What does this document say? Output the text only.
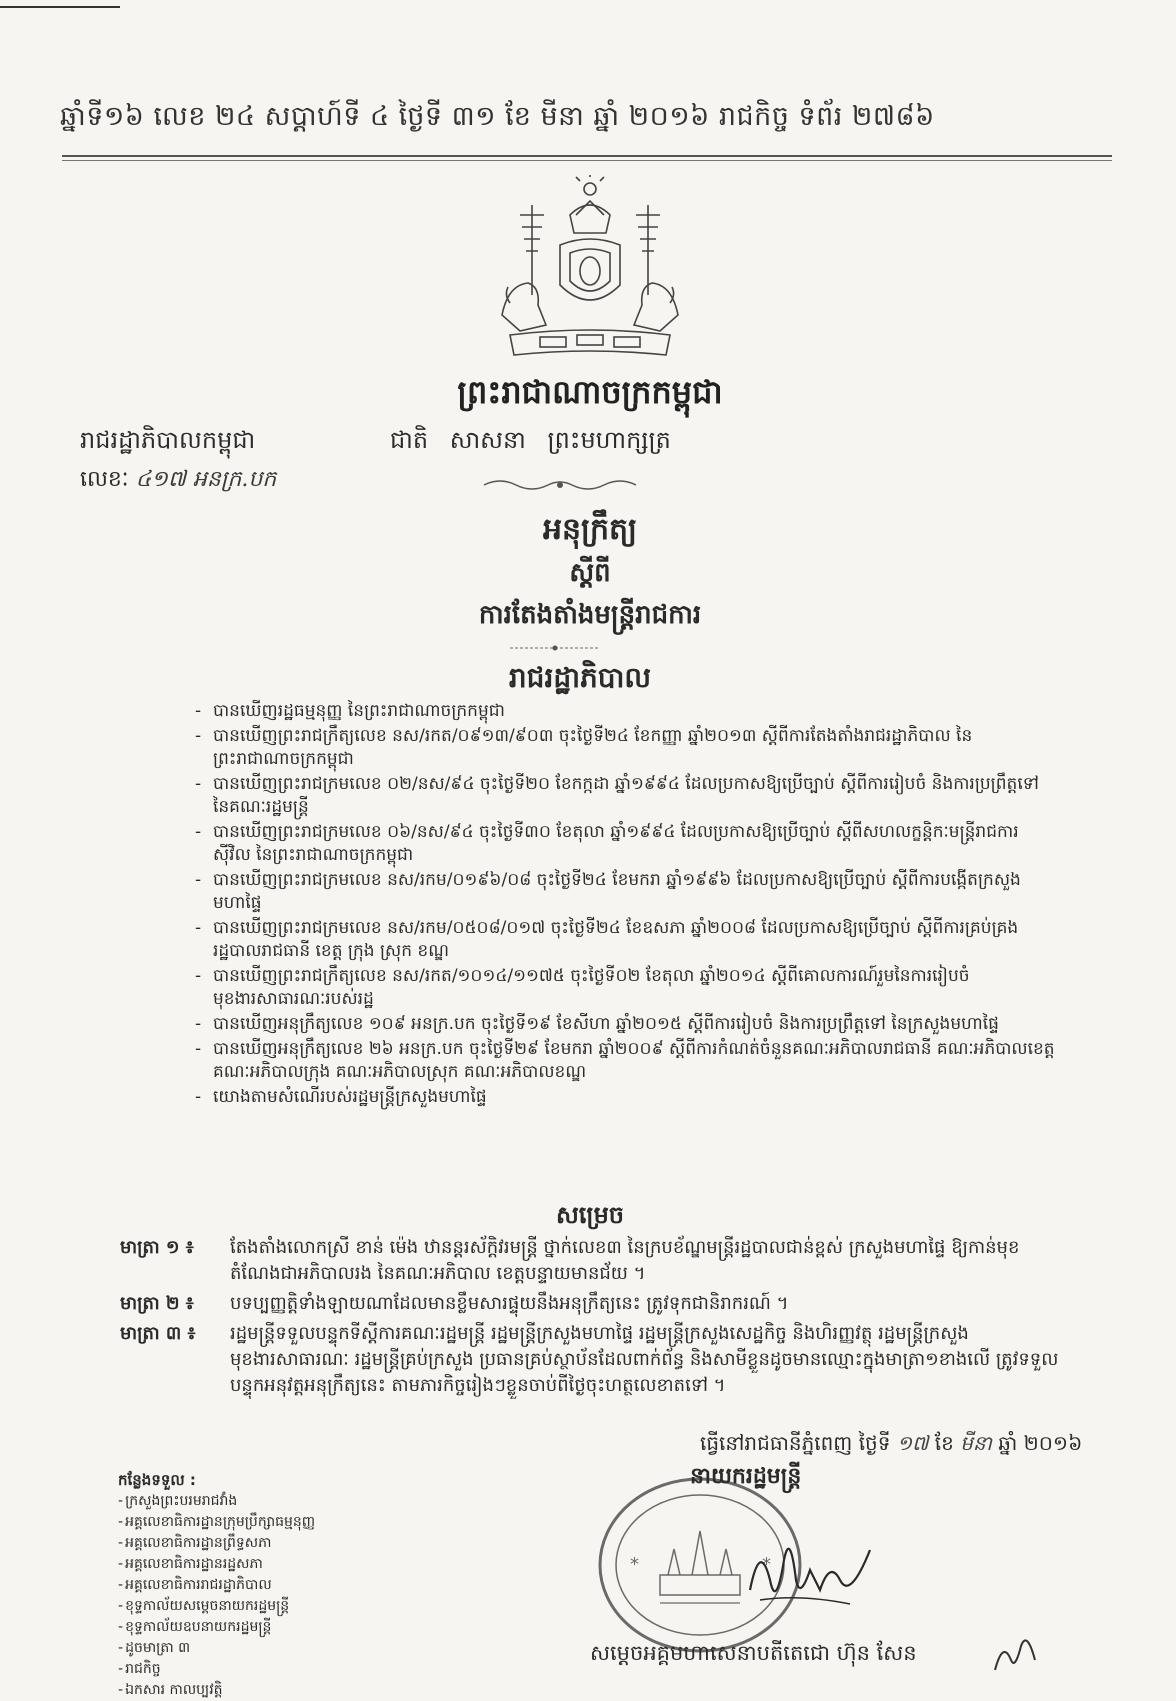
ឆ្នាំទី១៦ លេខ ២៤ សប្តាហ៍ទី ៤ ថ្ងៃទី ៣១ ខែ មីនា ឆ្នាំ ២០១៦ រាជកិច្ច ទំព័រ ២៧៨៦
ព្រះរាជាណាចក្រកម្ពុជា
រាជរដ្ឋាភិបាលកម្ពុជា	ជាតិ សាសនា ព្រះមហាក្សត្រ
លេខៈ ៤១៧ អនក្រ.បក
អនុក្រឹត្យ
ស្តីពី
ការតែងតាំងមន្ត្រីរាជការ
រាជរដ្ឋាភិបាល
- បានឃើញរដ្ឋធម្មនុញ្ញ នៃព្រះរាជាណាចក្រកម្ពុជា
- បានឃើញព្រះរាជក្រឹត្យលេខ នស/រកត/០៩១៣/៩០៣ ចុះថ្ងៃទី២៤ ខែកញ្ញា ឆ្នាំ២០១៣ ស្តីពីការតែងតាំងរាជរដ្ឋាភិបាល នៃព្រះរាជាណាចក្រកម្ពុជា
- បានឃើញព្រះរាជក្រមលេខ ០២/នស/៩៤ ចុះថ្ងៃទី២០ ខែកក្កដា ឆ្នាំ១៩៩៤ ដែលប្រកាសឱ្យប្រើច្បាប់ ស្តីពីការរៀបចំ និងការប្រព្រឹត្តទៅ នៃគណៈរដ្ឋមន្ត្រី
- បានឃើញព្រះរាជក្រមលេខ ០៦/នស/៩៤ ចុះថ្ងៃទី៣០ ខែតុលា ឆ្នាំ១៩៩៤ ដែលប្រកាសឱ្យប្រើច្បាប់ ស្តីពីសហលក្ខន្តិកៈមន្ត្រីរាជការស៊ីវិល នៃព្រះរាជាណាចក្រកម្ពុជា
- បានឃើញព្រះរាជក្រមលេខ នស/រកម/០១៩៦/០៨ ចុះថ្ងៃទី២៤ ខែមករា ឆ្នាំ១៩៩៦ ដែលប្រកាសឱ្យប្រើច្បាប់ ស្តីពីការបង្កើតក្រសួងមហាផ្ទៃ
- បានឃើញព្រះរាជក្រមលេខ នស/រកម/០៥០៨/០១៧ ចុះថ្ងៃទី២៤ ខែឧសភា ឆ្នាំ២០០៨ ដែលប្រកាសឱ្យប្រើច្បាប់ ស្តីពីការគ្រប់គ្រងរដ្ឋបាលរាជធានី ខេត្ត ក្រុង ស្រុក ខណ្ឌ
- បានឃើញព្រះរាជក្រឹត្យលេខ នស/រកត/១០១៤/១១៧៥ ចុះថ្ងៃទី០២ ខែតុលា ឆ្នាំ២០១៤ ស្តីពីគោលការណ៍រួមនៃការរៀបចំមុខងារសាធារណៈរបស់រដ្ឋ
- បានឃើញអនុក្រឹត្យលេខ ១០៩ អនក្រ.បក ចុះថ្ងៃទី១៩ ខែសីហា ឆ្នាំ២០១៥ ស្តីពីការរៀបចំ និងការប្រព្រឹត្តទៅ នៃក្រសួងមហាផ្ទៃ
- បានឃើញអនុក្រឹត្យលេខ ២៦ អនក្រ.បក ចុះថ្ងៃទី២៩ ខែមករា ឆ្នាំ២០០៩ ស្តីពីការកំណត់ចំនួនគណៈអភិបាលរាជធានី គណៈអភិបាលខេត្ត គណៈអភិបាលក្រុង គណៈអភិបាលស្រុក គណៈអភិបាលខណ្ឌ
- យោងតាមសំណើរបស់រដ្ឋមន្ត្រីក្រសួងមហាផ្ទៃ
សម្រេច
មាត្រា ១ ៖	តែងតាំងលោកស្រី ខាន់ ម៉េង ឋានន្តរស័ក្តិវរមន្ត្រី ថ្នាក់លេខ៣ នៃក្របខ័ណ្ឌមន្ត្រីរដ្ឋបាលជាន់ខ្ពស់ ក្រសួងមហាផ្ទៃ ឱ្យកាន់មុខតំណែងជាអភិបាលរង នៃគណៈអភិបាល ខេត្តបន្ទាយមានជ័យ ។
មាត្រា ២ ៖	បទប្បញ្ញត្តិទាំងឡាយណាដែលមានខ្លឹមសារផ្ទុយនឹងអនុក្រឹត្យនេះ ត្រូវទុកជានិរាករណ៍ ។
មាត្រា ៣ ៖	រដ្ឋមន្ត្រីទទួលបន្ទុកទីស្តីការគណៈរដ្ឋមន្ត្រី រដ្ឋមន្ត្រីក្រសួងមហាផ្ទៃ រដ្ឋមន្ត្រីក្រសួងសេដ្ឋកិច្ច និងហិរញ្ញវត្ថុ រដ្ឋមន្ត្រីក្រសួងមុខងារសាធារណៈ រដ្ឋមន្ត្រីគ្រប់ក្រសួង ប្រធានគ្រប់ស្ថាប័នដែលពាក់ព័ន្ធ និងសាមីខ្លួនដូចមានឈ្មោះក្នុងមាត្រា១ខាងលើ ត្រូវទទួលបន្ទុកអនុវត្តអនុក្រឹត្យនេះ តាមភារកិច្ចរៀងៗខ្លួនចាប់ពីថ្ងៃចុះហត្ថលេខាតទៅ ។
ធ្វើនៅរាជធានីភ្នំពេញ ថ្ងៃទី ១៧ ខែ មីនា ឆ្នាំ ២០១៦
*	*
នាយករដ្ឋមន្ត្រី
កន្លែងទទួល :
- ក្រសួងព្រះបរមរាជវាំង
- អគ្គលេខាធិការដ្ឋានក្រុមប្រឹក្សាធម្មនុញ្ញ
- អគ្គលេខាធិការដ្ឋានព្រឹទ្ធសភា
- អគ្គលេខាធិការដ្ឋានរដ្ឋសភា
- អគ្គលេខាធិការរាជរដ្ឋាភិបាល
- ខុទ្ទកាល័យសម្តេចនាយករដ្ឋមន្ត្រី
- ខុទ្ទកាល័យឧបនាយករដ្ឋមន្ត្រី
- ដូចមាត្រា ៣
- រាជកិច្ច
- ឯកសារ កាលប្បវត្តិ
សម្តេចអគ្គមហាសេនាបតីតេជោ ហ៊ុន សែន
